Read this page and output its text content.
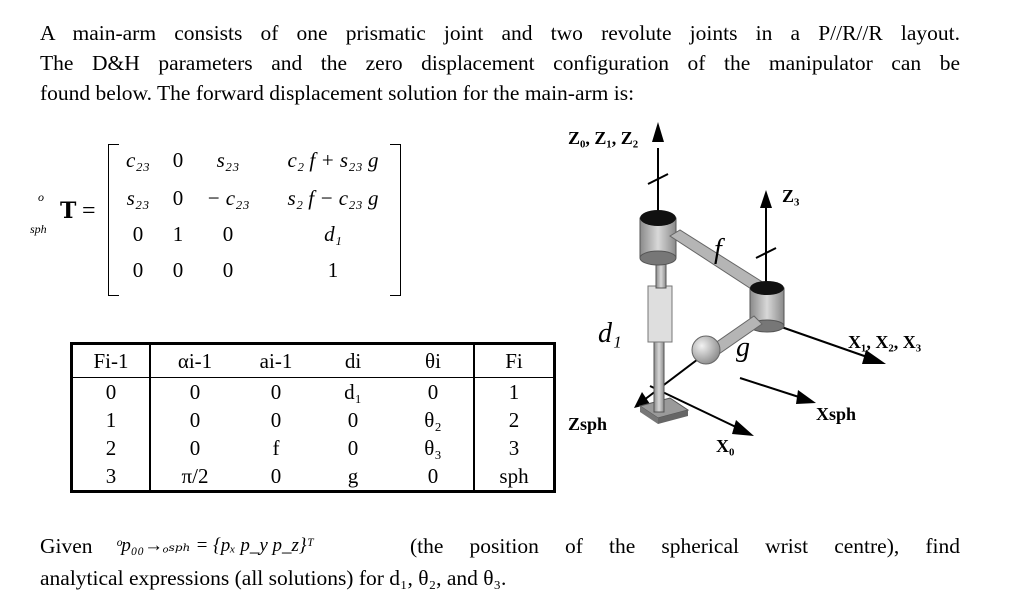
A main-arm consists of one prismatic joint and two revolute joints in a P//R//R layout.
The D&H parameters and the zero displacement configuration of the manipulator can be
found below. The forward displacement solution for the main-arm is:

o
sph
T =
c₂₃	0	s₂₃	c₂ f + s₂₃ g
s₂₃	0	− c₂₃	s₂ f − c₂₃ g
0	1	0	d₁
0	0	0	1
Fi-1	αi-1	ai-1	di	θi	Fi
0	0	0	d₁	0	1
1	0	0	0	θ₂	2
2	0	f	0	θ₃	3
3	π/2	0	g	0	sph
Z₀, Z₁, Z₂
Z₃
f
d₁	g	X₁, X₂, X₃
Xsph
Zsph
X₀
Given ᵒp₀₀→ₒₛₚₕ = {pₓ p_y p_z}ᵀ	(the position of the spherical wrist centre), find
analytical expressions (all solutions) for d₁, θ₂, and θ₃.
